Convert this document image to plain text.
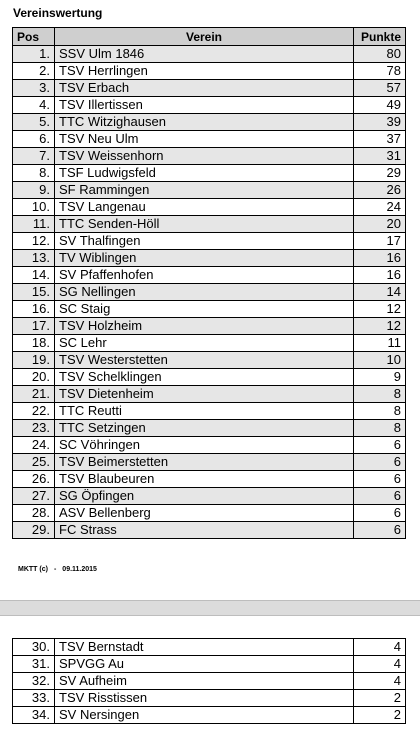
Vereinswertung
Pos	Verein	Punkte
1.	SSV Ulm 1846	80
2.	TSV Herrlingen	78
3.	TSV Erbach	57
4.	TSV Illertissen	49
5.	TTC Witzighausen	39
6.	TSV Neu Ulm	37
7.	TSV Weissenhorn	31
8.	TSF Ludwigsfeld	29
9.	SF Rammingen	26
10.	TSV Langenau	24
11.	TTC Senden-Höll	20
12.	SV Thalfingen	17
13.	TV Wiblingen	16
14.	SV Pfaffenhofen	16
15.	SG Nellingen	14
16.	SC Staig	12
17.	TSV Holzheim	12
18.	SC Lehr	11
19.	TSV Westerstetten	10
20.	TSV Schelklingen	9
21.	TSV Dietenheim	8
22.	TTC Reutti	8
23.	TTC Setzingen	8
24.	SC Vöhringen	6
25.	TSV Beimerstetten	6
26.	TSV Blaubeuren	6
27.	SG Öpfingen	6
28.	ASV Bellenberg	6
29.	FC Strass	6
MKTT (c) - 09.11.2015
30.	TSV Bernstadt	4
31.	SPVGG Au	4
32.	SV Aufheim	4
33.	TSV Risstissen	2
34.	SV Nersingen	2
